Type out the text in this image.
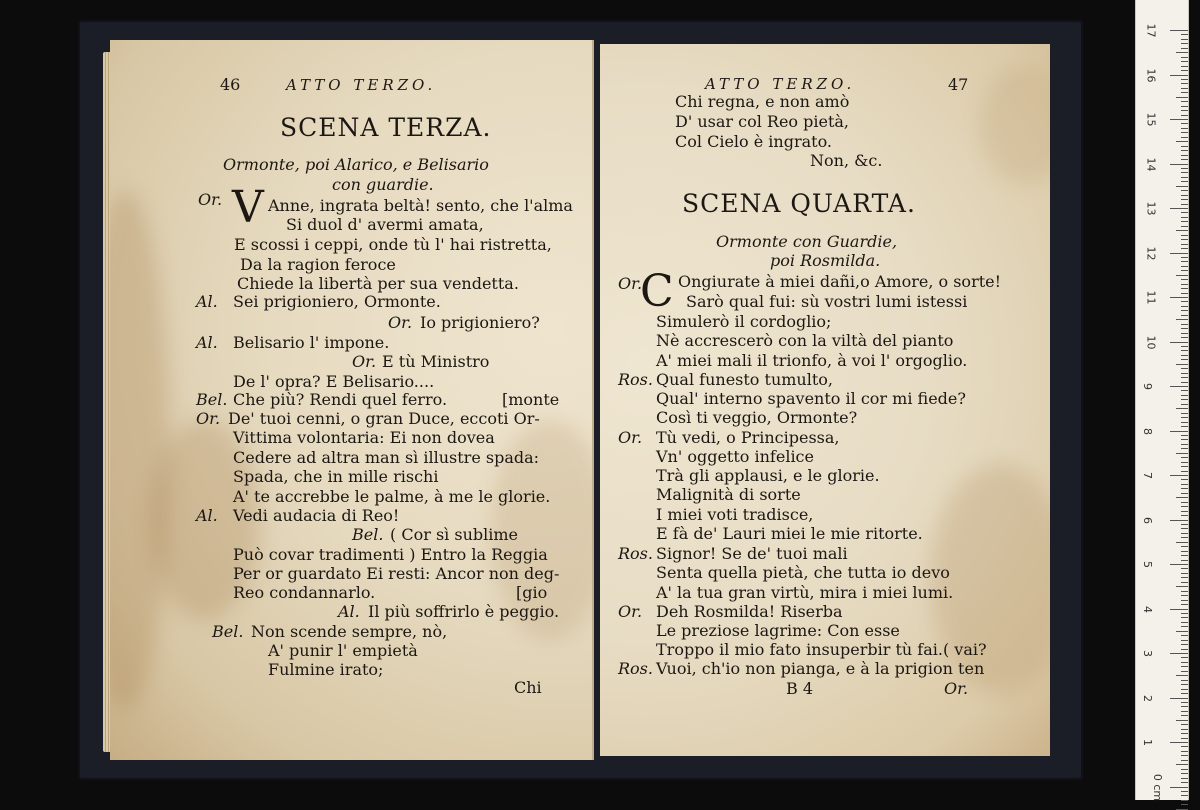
46	ATTO TERZO.
SCENA TERZA.
Ormonte, poi Alarico, e Belisario
con guardie.
V
Or.	Anne, ingrata beltà! sento, che l'alma
Si duol d' avermi amata,
E scossi i ceppi, onde tù l' hai ristretta,
Da la ragion feroce
Chiede la libertà per sua vendetta.
Al. Sei prigioniero, Ormonte.
Or. Io prigioniero?
Al. Belisario l' impone.
Or. E tù Ministro
De l' opra? E Belisario....
Bel. Che più? Rendi quel ferro.	[monte
Or. De' tuoi cenni, o gran Duce, eccoti Or-
Vittima volontaria: Ei non dovea
Cedere ad altra man sì illustre spada:
Spada, che in mille rischi
A' te accrebbe le palme, à me le glorie.
Al. Vedi audacia di Reo!
Bel. ( Cor sì sublime
Può covar tradimenti ) Entro la Reggia
Per or guardato Ei resti: Ancor non deg-
Reo condannarlo.	[gio
Al. Il più soffrirlo è peggio.
Bel. Non scende sempre, nò,
A' punir l' empietà
Fulmine irato;
Chi
ATTO TERZO.	47
Chi regna, e non amò
D' usar col Reo pietà,
Col Cielo è ingrato.
Non, &c.
SCENA QUARTA.
Ormonte con Guardie,
poi Rosmilda.
C
Or. Ongiurate à miei dañi,o Amore, o sorte!
Sarò qual fui: sù vostri lumi istessi
Simulerò il cordoglio;
Nè accrescerò con la viltà del pianto
A' miei mali il trionfo, à voi l' orgoglio.
Ros. Qual funesto tumulto,
Qual' interno spavento il cor mi fiede?
Così ti veggio, Ormonte?
Or. Tù vedi, o Principessa,
Vn' oggetto infelice
Trà gli applausi, e le glorie.
Malignità di sorte
I miei voti tradisce,
E fà de' Lauri miei le mie ritorte.
Ros. Signor! Se de' tuoi mali
Senta quella pietà, che tutta io devo
A' la tua gran virtù, mira i miei lumi.
Or. Deh Rosmilda! Riserba
Le preziose lagrime: Con esse
Troppo il mio fato insuperbir tù fai.( vai?
Ros. Vuoi, ch'io non pianga, e à la prigion ten
B 4	Or.
17
16
15
14
13
12
11
10
9
8
7
6
5
4
3
2
1
0 cm
